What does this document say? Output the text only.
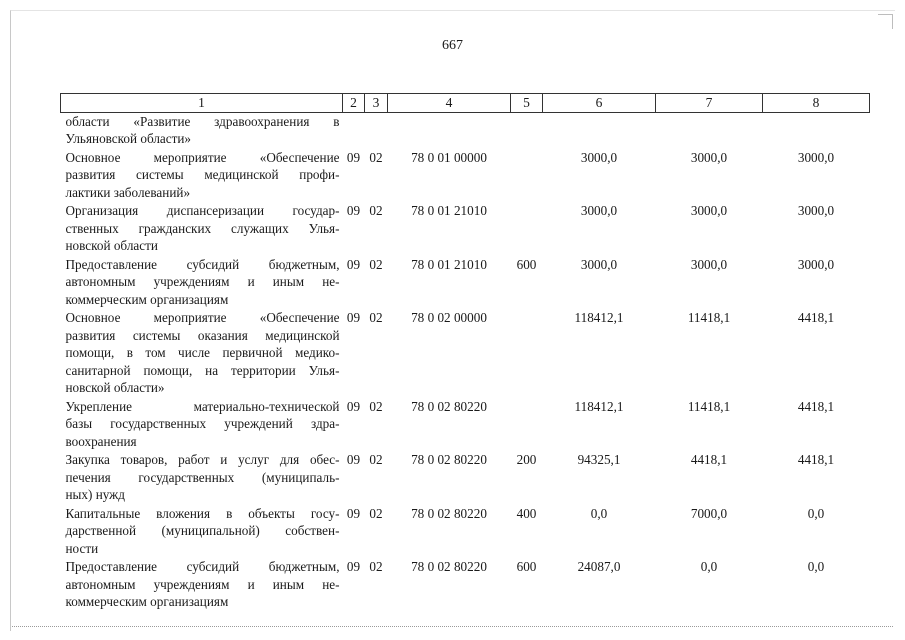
667
1	2	3	4	5	6	7	8

области «Развитие здравоохранения в
Ульяновской области»							

Основное мероприятие «Обеспечение
развития системы медицинской профи-
лактики заболеваний»	09	02	78 0 01 00000		3000,0	3000,0	3000,0

Организация диспансеризации государ-
ственных гражданских служащих Улья-
новской области	09	02	78 0 01 21010		3000,0	3000,0	3000,0

Предоставление субсидий бюджетным,
автономным учреждениям и иным не-
коммерческим организациям	09	02	78 0 01 21010	600	3000,0	3000,0	3000,0

Основное мероприятие «Обеспечение
развития системы оказания медицинской
помощи, в том числе первичной медико-
санитарной помощи, на территории Улья-
новской области»	09	02	78 0 02 00000		118412,1	11418,1	4418,1

Укрепление материально-технической
базы государственных учреждений здра-
воохранения	09	02	78 0 02 80220		118412,1	11418,1	4418,1

Закупка товаров, работ и услуг для обес-
печения государственных (муниципаль-
ных) нужд	09	02	78 0 02 80220	200	94325,1	4418,1	4418,1

Капитальные вложения в объекты госу-
дарственной (муниципальной) собствен-
ности	09	02	78 0 02 80220	400	0,0	7000,0	0,0

Предоставление субсидий бюджетным,
автономным учреждениям и иным не-
коммерческим организациям	09	02	78 0 02 80220	600	24087,0	0,0	0,0
